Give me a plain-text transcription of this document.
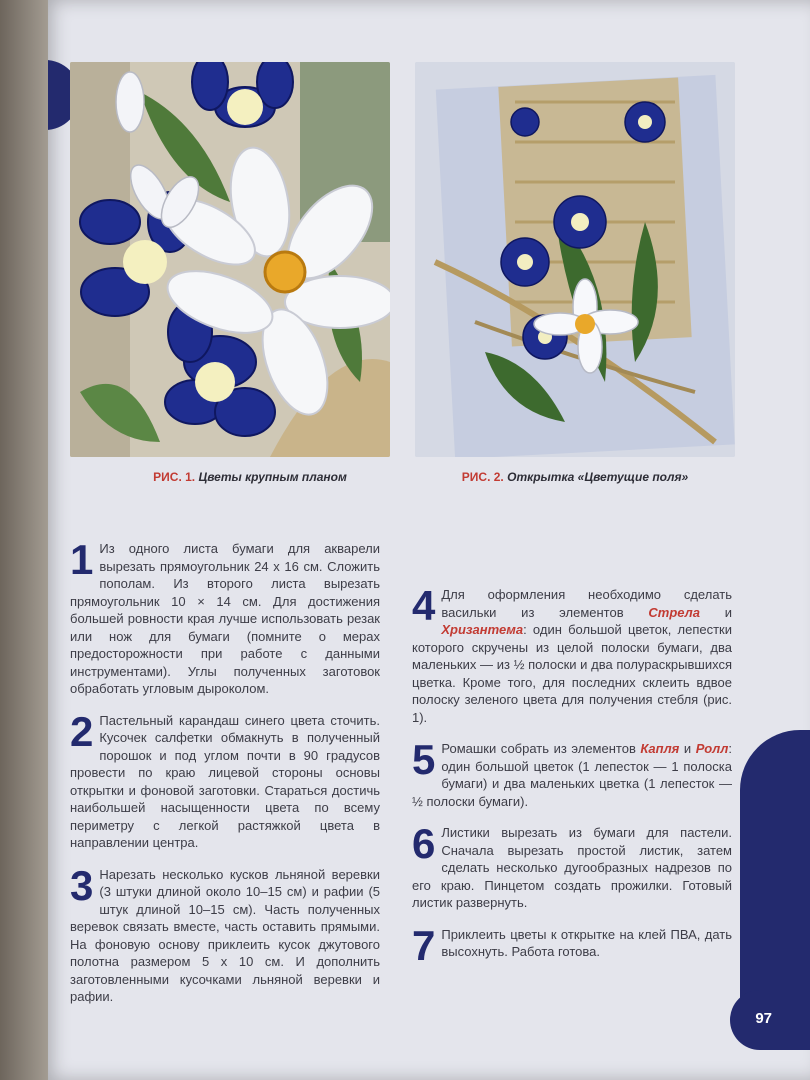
РИС. 1. Цветы крупным планом	РИС. 2. Открытка «Цветущие поля»
1 Из одного листа бумаги для акварели вырезать прямоугольник 24 х 16 см. Сложить пополам. Из второго листа вырезать прямоугольник 10 × 14 см. Для достижения большей ровности края лучше использовать резак или нож для бумаги (помните о мерах предосторожности при работе с данными инструментами). Углы полученных заготовок обработать угловым дыроколом.
2 Пастельный карандаш синего цвета сточить. Кусочек салфетки обмакнуть в полученный порошок и под углом почти в 90 градусов провести по краю лицевой стороны основы открытки и фоновой заготовки. Стараться достичь наибольшей насыщенности цвета по всему периметру с легкой растяжкой цвета в направлении центра.
3 Нарезать несколько кусков льняной веревки (3 штуки длиной около 10–15 см) и рафии (5 штук длиной 10–15 см). Часть полученных веревок связать вместе, часть оставить прямыми. На фоновую основу приклеить кусок джутового полотна размером 5 х 10 см. И дополнить заготовленными кусочками льняной веревки и рафии.
4 Для оформления необходимо сделать васильки из элементов Стрела и Хризантема: один большой цветок, лепестки которого скручены из целой полоски бумаги, два маленьких — из ½ полоски и два полураскрывшихся цветка. Кроме того, для последних склеить вдвое полоску зеленого цвета для получения стебля (рис. 1).
5 Ромашки собрать из элементов Капля и Ролл: один большой цветок (1 лепесток — 1 полоска бумаги) и два маленьких цветка (1 лепесток — ½ полоски бумаги).
6 Листики вырезать из бумаги для пастели. Сначала вырезать простой листик, затем сделать несколько дугообразных надрезов по его краю. Пинцетом создать прожилки. Готовый листик развернуть.
7 Приклеить цветы к открытке на клей ПВА, дать высохнуть. Работа готова.
97
